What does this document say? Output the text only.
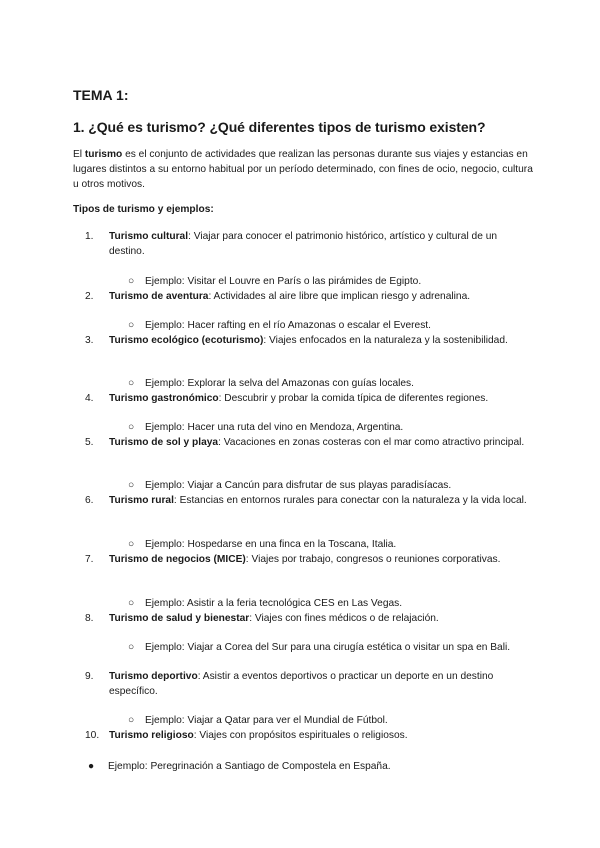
TEMA 1:
1. ¿Qué es turismo? ¿Qué diferentes tipos de turismo existen?
El turismo es el conjunto de actividades que realizan las personas durante sus viajes y estancias en lugares distintos a su entorno habitual por un período determinado, con fines de ocio, negocio, cultura u otros motivos.
Tipos de turismo y ejemplos:
1.	Turismo cultural: Viajar para conocer el patrimonio histórico, artístico y cultural de un destino.
○ Ejemplo: Visitar el Louvre en París o las pirámides de Egipto.
2.	Turismo de aventura: Actividades al aire libre que implican riesgo y adrenalina.
○ Ejemplo: Hacer rafting en el río Amazonas o escalar el Everest.
3.	Turismo ecológico (ecoturismo): Viajes enfocados en la naturaleza y la sostenibilidad.
○ Ejemplo: Explorar la selva del Amazonas con guías locales.
4.	Turismo gastronómico: Descubrir y probar la comida típica de diferentes regiones.
○ Ejemplo: Hacer una ruta del vino en Mendoza, Argentina.
5.	Turismo de sol y playa: Vacaciones en zonas costeras con el mar como atractivo principal.
○ Ejemplo: Viajar a Cancún para disfrutar de sus playas paradisíacas.
6.	Turismo rural: Estancias en entornos rurales para conectar con la naturaleza y la vida local.
○ Ejemplo: Hospedarse en una finca en la Toscana, Italia.
7.	Turismo de negocios (MICE): Viajes por trabajo, congresos o reuniones corporativas.
○ Ejemplo: Asistir a la feria tecnológica CES en Las Vegas.
8.	Turismo de salud y bienestar: Viajes con fines médicos o de relajación.
○ Ejemplo: Viajar a Corea del Sur para una cirugía estética o visitar un spa en Bali.
9.	Turismo deportivo: Asistir a eventos deportivos o practicar un deporte en un destino específico.
○ Ejemplo: Viajar a Qatar para ver el Mundial de Fútbol.
10. Turismo religioso: Viajes con propósitos espirituales o religiosos.
● Ejemplo: Peregrinación a Santiago de Compostela en España.
